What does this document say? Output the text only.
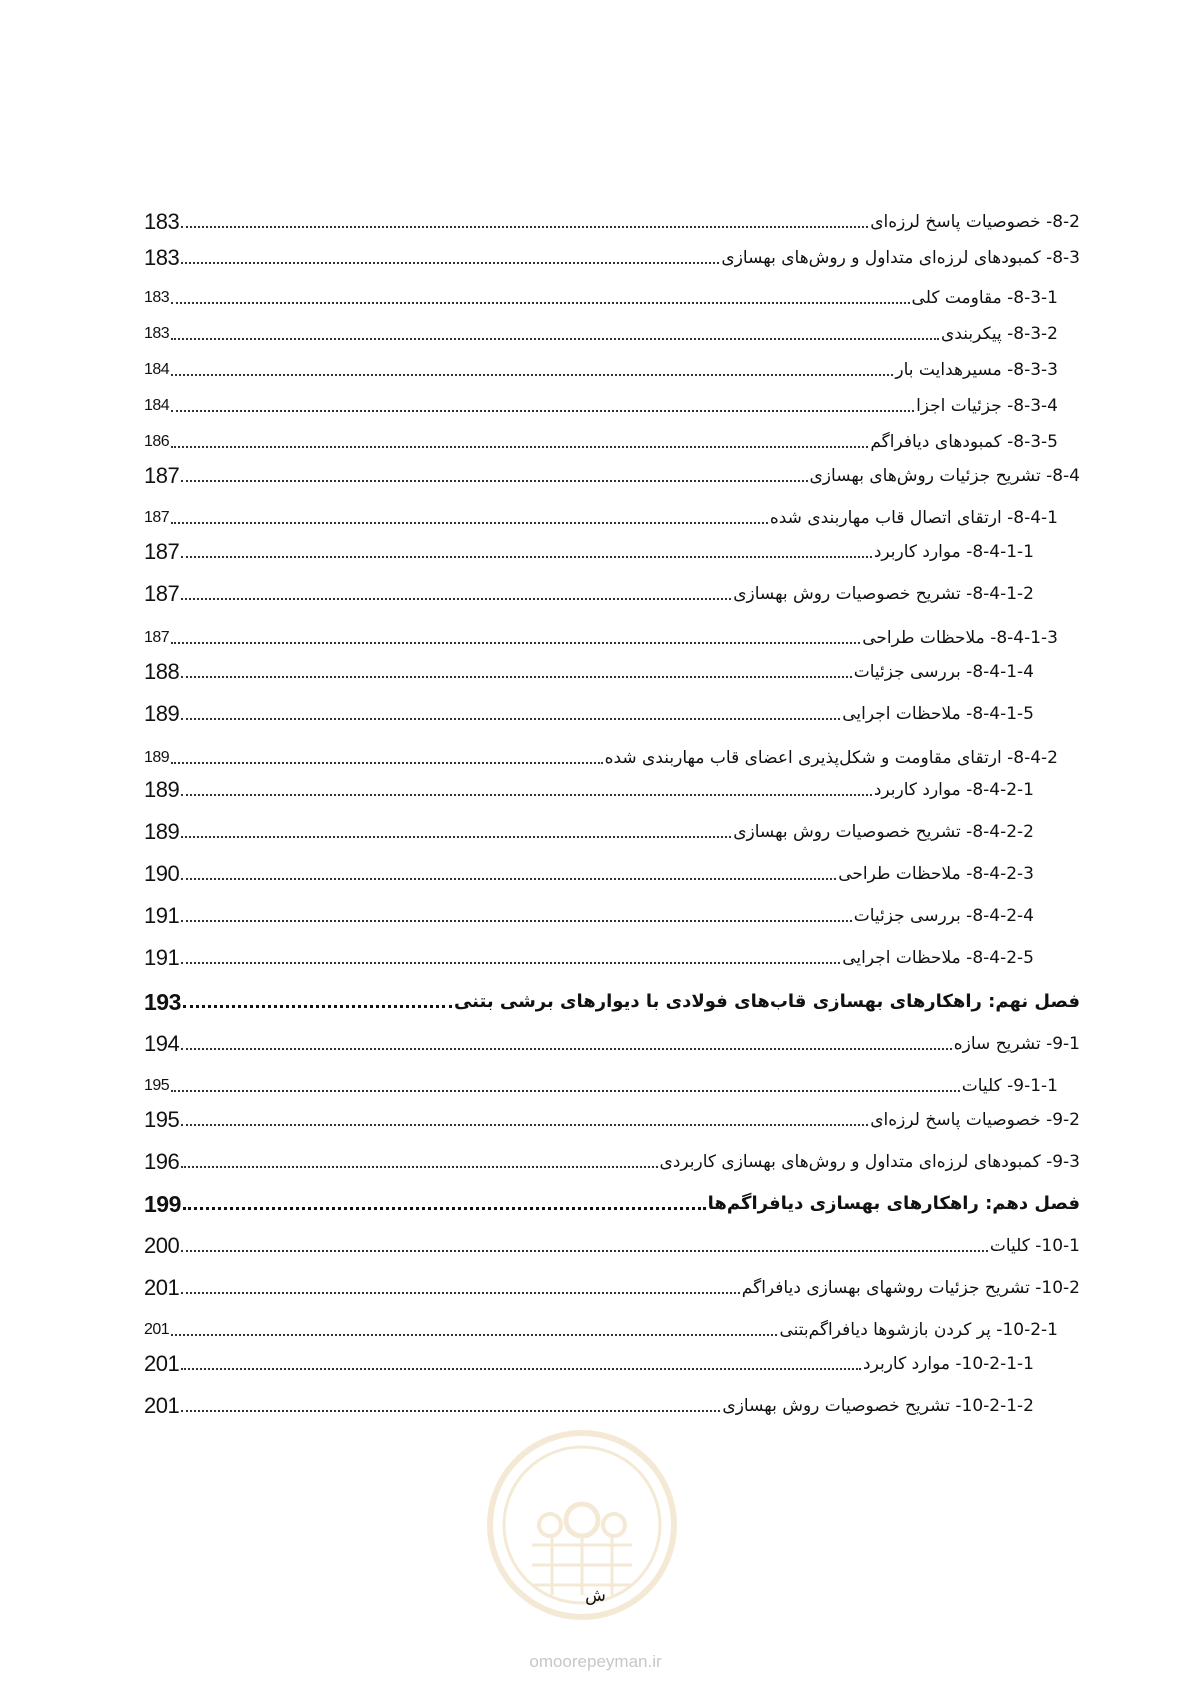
8-2- خصوصیات پاسخ لرزه‌ای
183
8-3- کمبودهای لرزه‌ای متداول و روش‌های بهسازی
183
8-3-1- مقاومت کلی
183
8-3-2- پیکربندی
183
8-3-3- مسیرهدایت بار
184
8-3-4- جزئیات اجزا
184
8-3-5- کمبودهای دیافراگم
186
8-4- تشریح جزئیات روش‌های بهسازی
187
8-4-1- ارتقای اتصال قاب مهاربندی شده
187
8-4-1-1- موارد کاربرد
187
8-4-1-2- تشریح خصوصیات روش بهسازی
187
8-4-1-3- ملاحظات طراحی
187
8-4-1-4- بررسی جزئیات
188
8-4-1-5- ملاحظات اجرایی
189
8-4-2- ارتقای مقاومت و شکل‌پذیری اعضای قاب مهاربندی شده
189
8-4-2-1- موارد کاربرد
189
8-4-2-2- تشریح خصوصیات روش بهسازی
189
8-4-2-3- ملاحظات طراحی
190
8-4-2-4- بررسی جزئیات
191
8-4-2-5- ملاحظات اجرایی
191
فصل نهم: راهکارهای بهسازی قاب‌های فولادی با دیوارهای برشی بتنی
193
9-1- تشریح سازه
194
9-1-1- کلیات
195
9-2- خصوصیات پاسخ لرزه‌ای
195
9-3- کمبودهای لرزه‌ای متداول و روش‌های بهسازی کاربردی
196
فصل دهم: راهکارهای بهسازی دیافراگم‌ها
199
10-1- کلیات
200
10-2- تشریح جزئیات روشهای بهسازی دیافراگم
201
10-2-1- پر کردن بازشوها دیافراگم‌بتنی
201
10-2-1-1- موارد کاربرد
201
10-2-1-2- تشریح خصوصیات روش بهسازی
201
ش
omoorepeyman.ir
